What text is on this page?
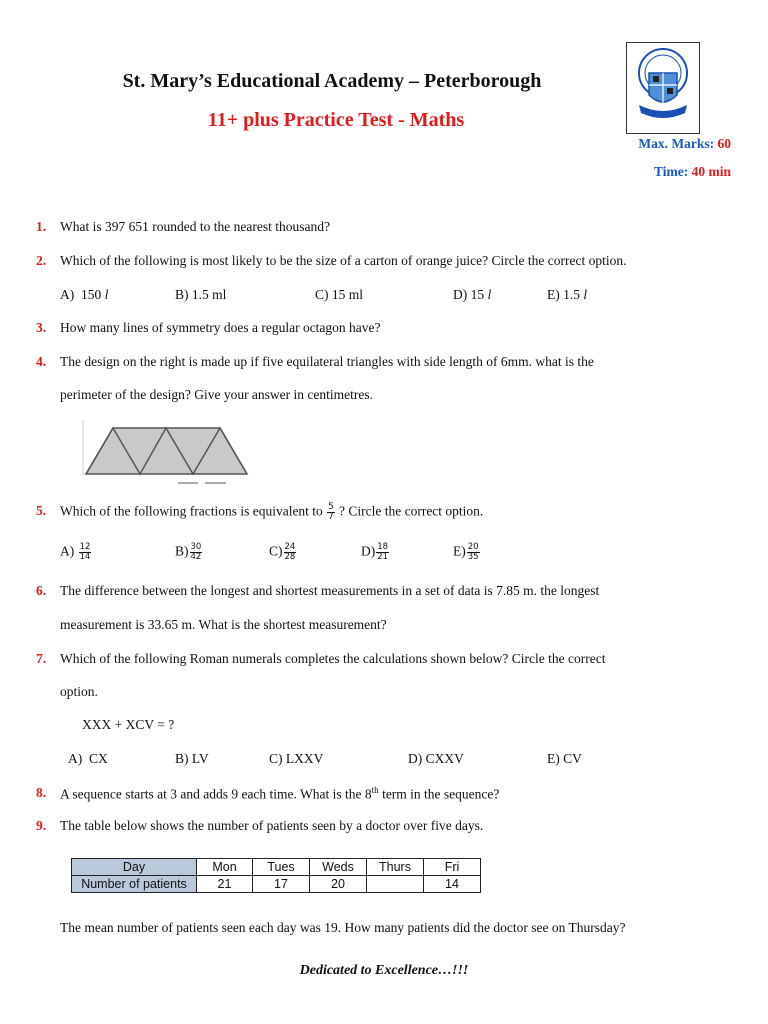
St. Mary’s Educational Academy – Peterborough
11+ plus Practice Test - Maths
Max. Marks: 60
Time: 40 min
1. What is 397 651 rounded to the nearest thousand?
2. Which of the following is most likely to be the size of a carton of orange juice? Circle the correct option.
A) 150 l	B) 1.5 ml	C) 15 ml	D) 15 l	E) 1.5 l
3. How many lines of symmetry does a regular octagon have?
4. The design on the right is made up if five equilateral triangles with side length of 6mm. what is the
perimeter of the design? Give your answer in centimetres.
5. Which of the following fractions is equivalent to $\frac{5}{7}$ ? Circle the correct option.
$A) \frac{12}{14}$	$B) \frac{30}{42}$	$C) \frac{24}{28}$	$D) \frac{18}{21}$	$E) \frac{20}{35}$
6. The difference between the longest and shortest measurements in a set of data is 7.85 m. the longest
measurement is 33.65 m. What is the shortest measurement?
7. Which of the following Roman numerals completes the calculations shown below? Circle the correct
option.
XXX + XCV = ?
A) CX	B) LV	C) LXXV	D) CXXV	E) CV
8. A sequence starts at 3 and adds 9 each time. What is the 8th term in the sequence?
9. The table below shows the number of patients seen by a doctor over five days.
Day	Mon	Tues	Weds	Thurs	Fri
Number of patients	21	17	20		14
The mean number of patients seen each day was 19. How many patients did the doctor see on Thursday?
Dedicated to Excellence…!!!
